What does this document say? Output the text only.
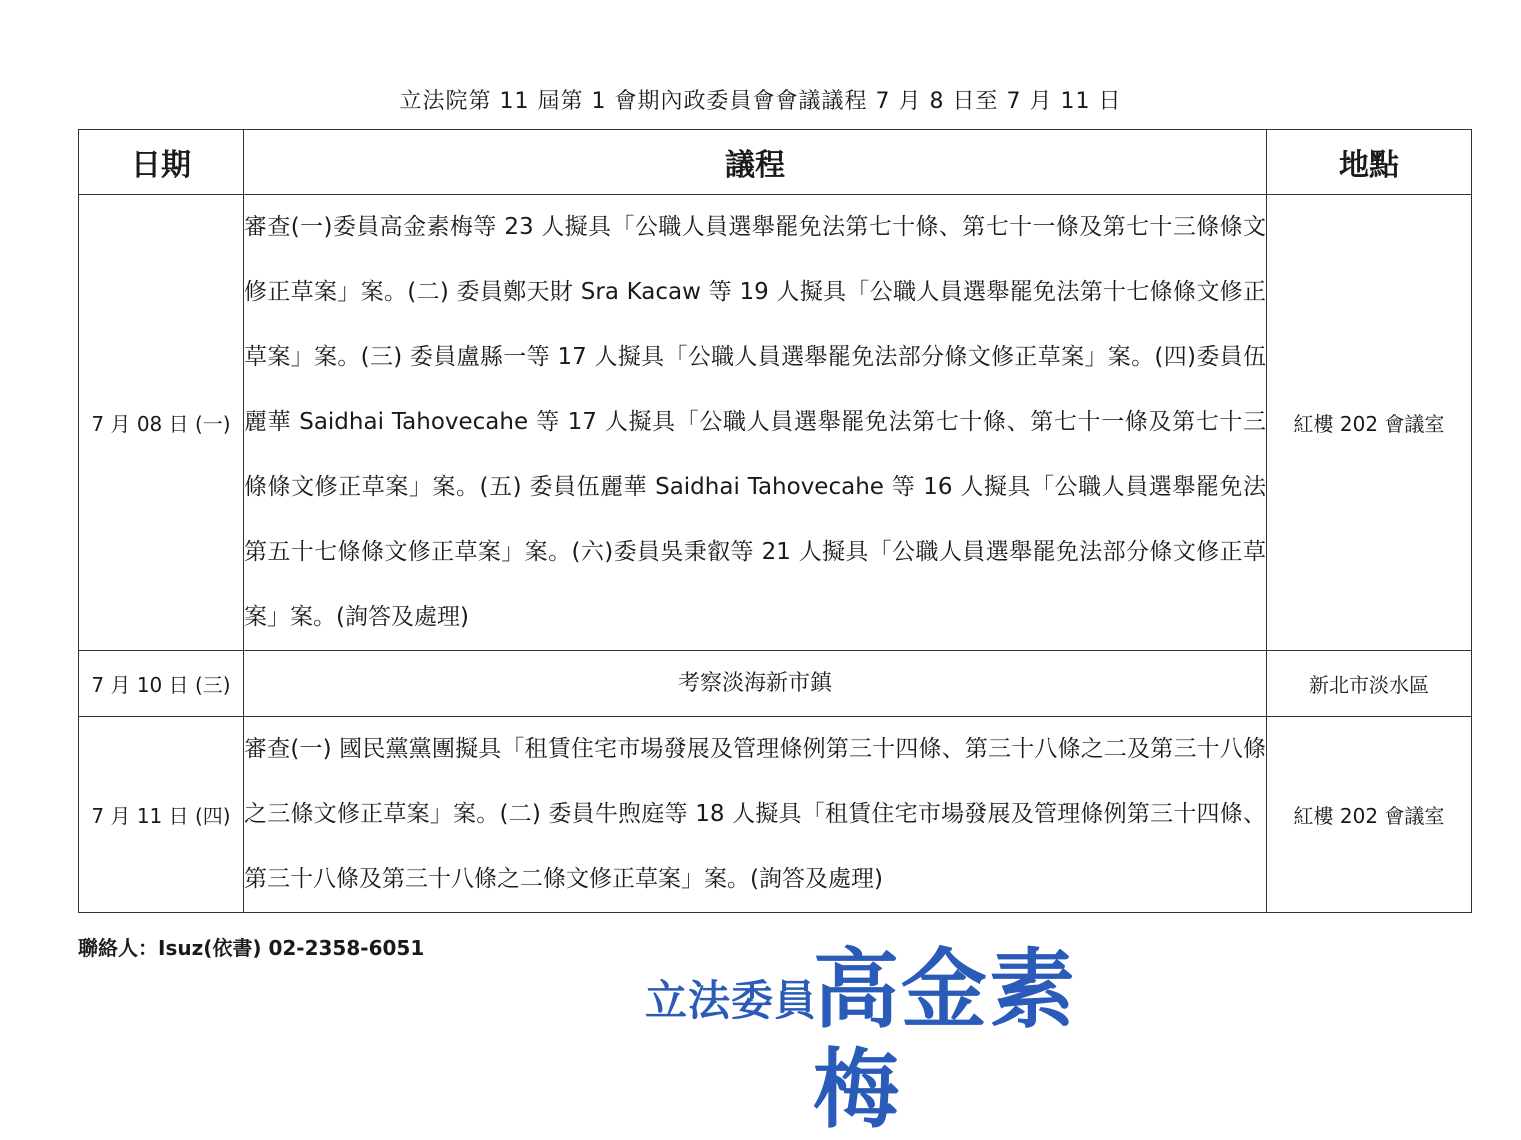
立法院第 11 屆第 1 會期內政委員會會議議程 7 月 8 日至 7 月 11 日
日期	議程	地點
7 月 08 日 (一)	審查(一)委員高金素梅等 23 人擬具「公職人員選舉罷免法第七十條、第七十一條及第七十三條條文修正草案」案。(二) 委員鄭天財 Sra Kacaw 等 19 人擬具「公職人員選舉罷免法第十七條條文修正草案」案。(三) 委員盧縣一等 17 人擬具「公職人員選舉罷免法部分條文修正草案」案。(四)委員伍麗華 Saidhai Tahovecahe 等 17 人擬具「公職人員選舉罷免法第七十條、第七十一條及第七十三條條文修正草案」案。(五) 委員伍麗華 Saidhai Tahovecahe 等 16 人擬具「公職人員選舉罷免法第五十七條條文修正草案」案。(六)委員吳秉叡等 21 人擬具「公職人員選舉罷免法部分條文修正草案」案。(詢答及處理)	紅樓 202 會議室
7 月 10 日 (三)	考察淡海新市鎮	新北市淡水區
7 月 11 日 (四)	審查(一) 國民黨黨團擬具「租賃住宅市場發展及管理條例第三十四條、第三十八條之二及第三十八條之三條文修正草案」案。(二) 委員牛煦庭等 18 人擬具「租賃住宅市場發展及管理條例第三十四條、第三十八條及第三十八條之二條文修正草案」案。(詢答及處理)	紅樓 202 會議室
聯絡人：Isuz(依書) 02-2358-6051
立法委員
高金素梅
